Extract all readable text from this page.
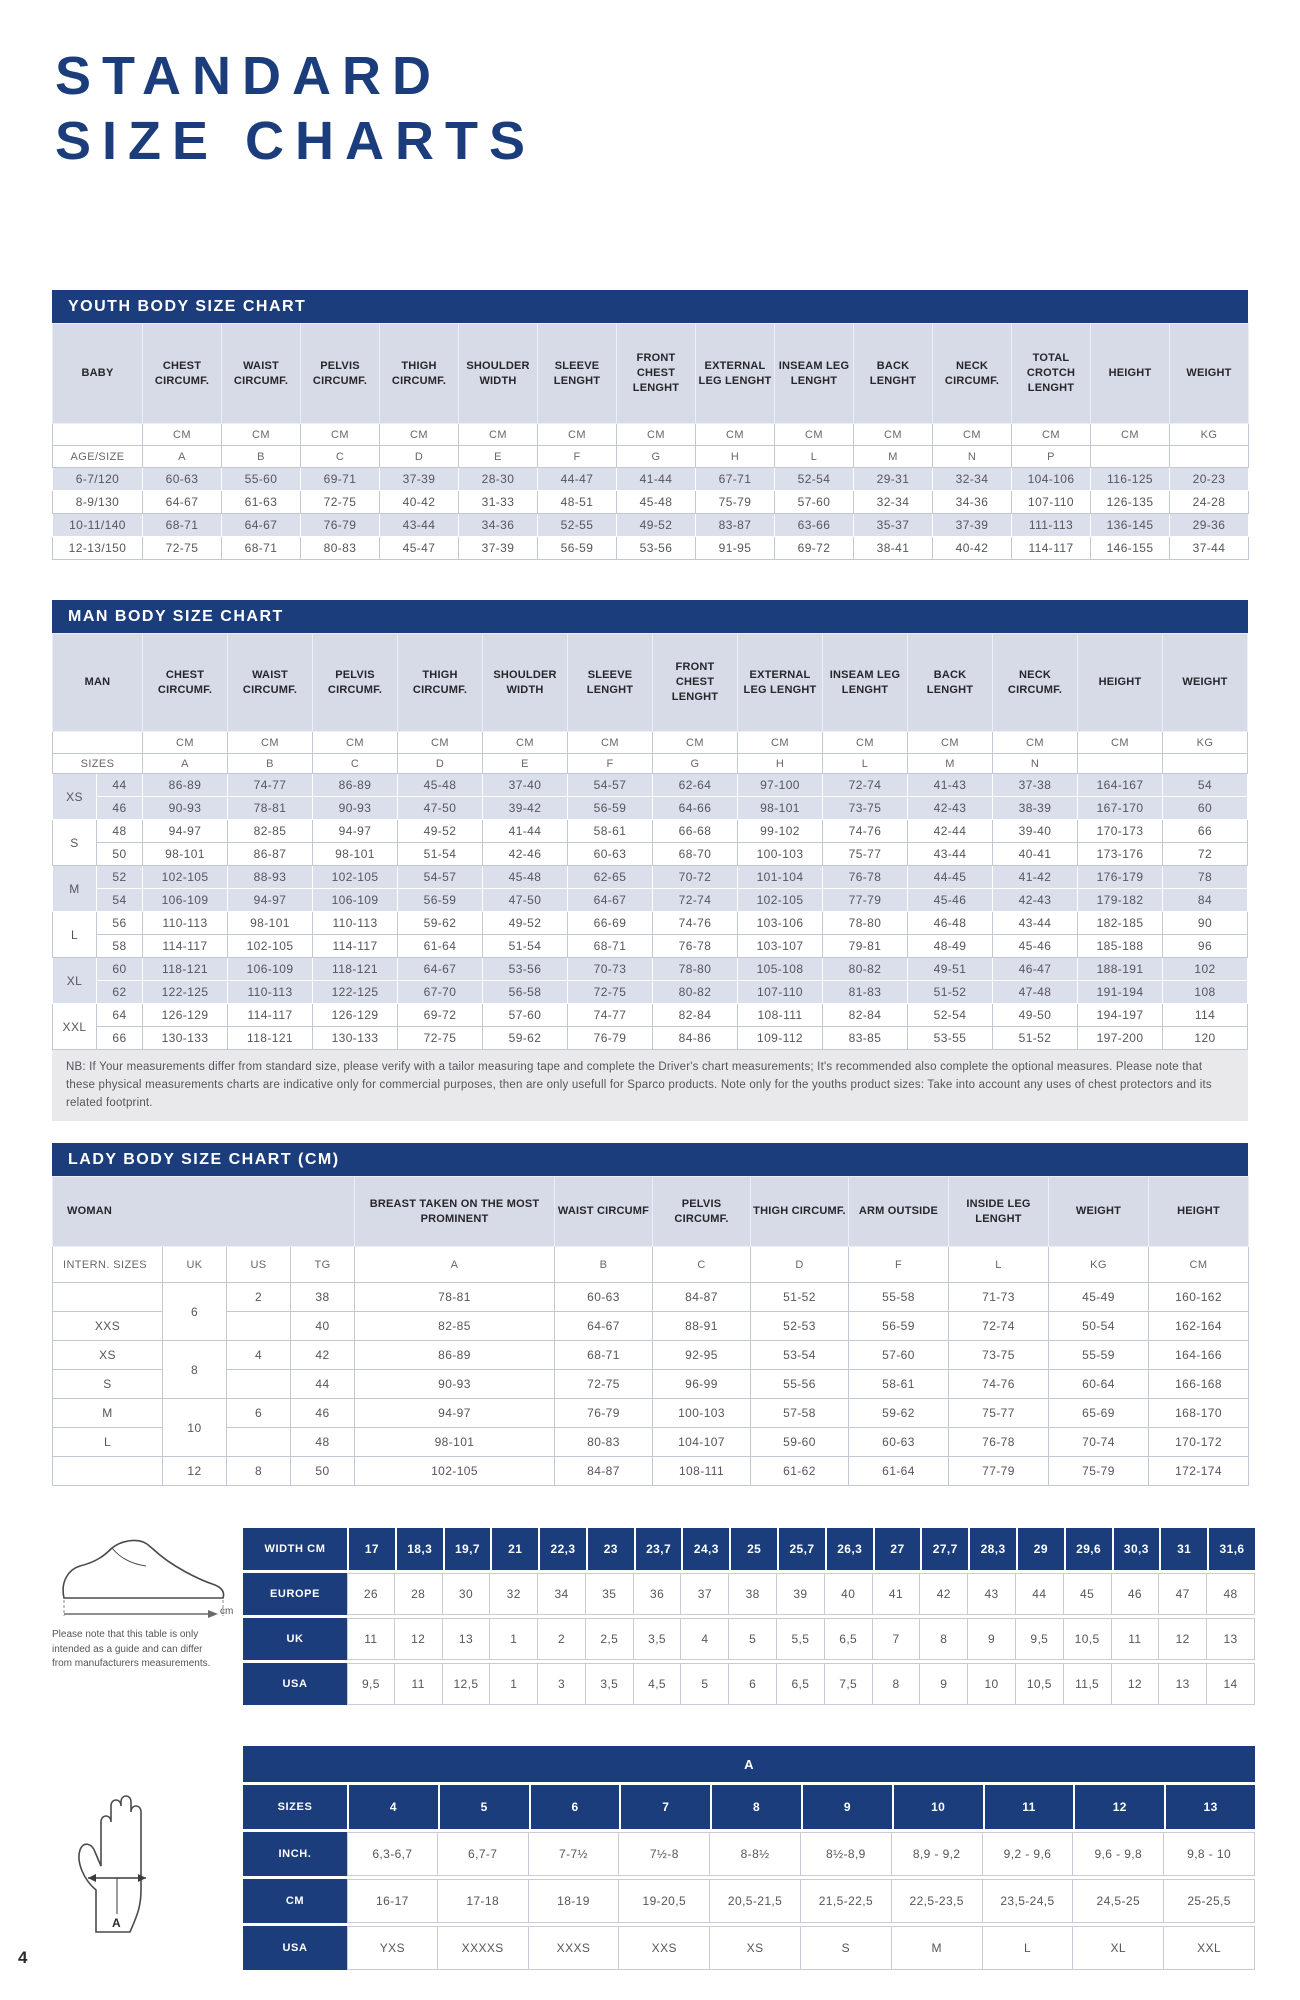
STANDARD
SIZE CHARTS
YOUTH BODY SIZE CHART
BABY	CHEST CIRCUMF.	WAIST CIRCUMF.	PELVIS CIRCUMF.	THIGH CIRCUMF.	SHOULDER WIDTH	SLEEVE LENGHT	FRONT CHEST LENGHT	EXTERNAL LEG LENGHT	INSEAM LEG LENGHT	BACK LENGHT	NECK CIRCUMF.	TOTAL CROTCH LENGHT	HEIGHT	WEIGHT
	CM	CM	CM	CM	CM	CM	CM	CM	CM	CM	CM	CM	CM	KG
AGE/SIZE	A	B	C	D	E	F	G	H	L	M	N	P		
6-7/120	60-63	55-60	69-71	37-39	28-30	44-47	41-44	67-71	52-54	29-31	32-34	104-106	116-125	20-23
8-9/130	64-67	61-63	72-75	40-42	31-33	48-51	45-48	75-79	57-60	32-34	34-36	107-110	126-135	24-28
10-11/140	68-71	64-67	76-79	43-44	34-36	52-55	49-52	83-87	63-66	35-37	37-39	111-113	136-145	29-36
12-13/150	72-75	68-71	80-83	45-47	37-39	56-59	53-56	91-95	69-72	38-41	40-42	114-117	146-155	37-44
MAN BODY SIZE CHART
MAN		CHEST CIRCUMF.	WAIST CIRCUMF.	PELVIS CIRCUMF.	THIGH CIRCUMF.	SHOULDER WIDTH	SLEEVE LENGHT	FRONT CHEST LENGHT	EXTERNAL LEG LENGHT	INSEAM LEG LENGHT	BACK LENGHT	NECK CIRCUMF.	HEIGHT	WEIGHT
		CM	CM	CM	CM	CM	CM	CM	CM	CM	CM	CM	CM	KG
SIZES		A	B	C	D	E	F	G	H	L	M	N		
XS	44	86-89	74-77	86-89	45-48	37-40	54-57	62-64	97-100	72-74	41-43	37-38	164-167	54
	46	90-93	78-81	90-93	47-50	39-42	56-59	64-66	98-101	73-75	42-43	38-39	167-170	60
S	48	94-97	82-85	94-97	49-52	41-44	58-61	66-68	99-102	74-76	42-44	39-40	170-173	66
	50	98-101	86-87	98-101	51-54	42-46	60-63	68-70	100-103	75-77	43-44	40-41	173-176	72
M	52	102-105	88-93	102-105	54-57	45-48	62-65	70-72	101-104	76-78	44-45	41-42	176-179	78
	54	106-109	94-97	106-109	56-59	47-50	64-67	72-74	102-105	77-79	45-46	42-43	179-182	84
L	56	110-113	98-101	110-113	59-62	49-52	66-69	74-76	103-106	78-80	46-48	43-44	182-185	90
	58	114-117	102-105	114-117	61-64	51-54	68-71	76-78	103-107	79-81	48-49	45-46	185-188	96
XL	60	118-121	106-109	118-121	64-67	53-56	70-73	78-80	105-108	80-82	49-51	46-47	188-191	102
	62	122-125	110-113	122-125	67-70	56-58	72-75	80-82	107-110	81-83	51-52	47-48	191-194	108
XXL	64	126-129	114-117	126-129	69-72	57-60	74-77	82-84	108-111	82-84	52-54	49-50	194-197	114
	66	130-133	118-121	130-133	72-75	59-62	76-79	84-86	109-112	83-85	53-55	51-52	197-200	120
NB: If Your measurements differ from standard size, please verify with a tailor measuring tape and complete the Driver's chart measurements; It's recommended also complete the optional measures. Please note that these physical measurements charts are indicative only for commercial purposes, then are only usefull for Sparco products. Note only for the youths product sizes: Take into account any uses of chest protectors and its related footprint.
LADY BODY SIZE CHART (CM)
WOMAN				BREAST TAKEN ON THE MOST PROMINENT	WAIST CIRCUMF	PELVIS CIRCUMF.	THIGH CIRCUMF.	ARM OUTSIDE	INSIDE LEG LENGHT	WEIGHT	HEIGHT
INTERN. SIZES	UK	US	TG	A	B	C	D	F	L	KG	CM
	6	2	38	78-81	60-63	84-87	51-52	55-58	71-73	45-49	160-162
XXS			40	82-85	64-67	88-91	52-53	56-59	72-74	50-54	162-164
XS	8	4	42	86-89	68-71	92-95	53-54	57-60	73-75	55-59	164-166
S			44	90-93	72-75	96-99	55-56	58-61	74-76	60-64	166-168
M	10	6	46	94-97	76-79	100-103	57-58	59-62	75-77	65-69	168-170
L			48	98-101	80-83	104-107	59-60	60-63	76-78	70-74	170-172
	12	8	50	102-105	84-87	108-111	61-62	61-64	77-79	75-79	172-174
WIDTH CM	17	18,3	19,7	21	22,3	23	23,7	24,3	25	25,7	26,3	27	27,7	28,3	29	29,6	30,3	31	31,6
EUROPE	26	28	30	32	34	35	36	37	38	39	40	41	42	43	44	45	46	47	48
UK	11	12	13	1	2	2,5	3,5	4	5	5,5	6,5	7	8	9	9,5	10,5	11	12	13
USA	9,5	11	12,5	1	3	3,5	4,5	5	6	6,5	7,5	8	9	10	10,5	11,5	12	13	14
cm
Please note that this table is only intended as a guide and can differ from manufacturers measurements.
A										
SIZES	4	5	6	7	8	9	10	11	12	13
INCH.	6,3-6,7	6,7-7	7-7½	7½-8	8-8½	8½-8,9	8,9 - 9,2	9,2 - 9,6	9,6 - 9,8	9,8 - 10
CM	16-17	17-18	18-19	19-20,5	20,5-21,5	21,5-22,5	22,5-23,5	23,5-24,5	24,5-25	25-25,5
USA	YXS	XXXXS	XXXS	XXS	XS	S	M	L	XL	XXL
A
4
